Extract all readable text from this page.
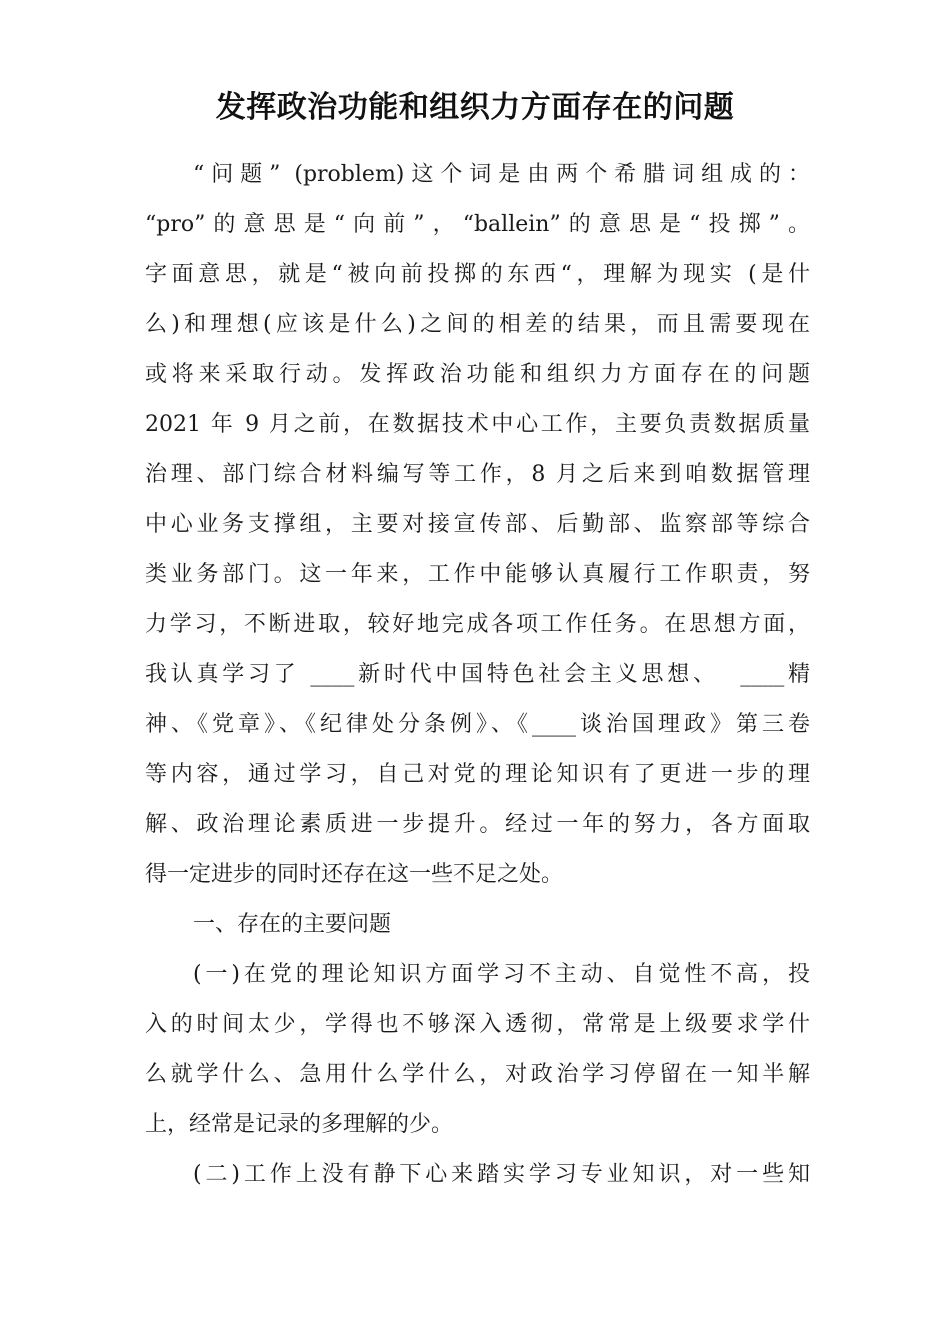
发挥政治功能和组织力方面存在的问题
“问题” (problem)这个词是由两个希腊词组成的：
“pro”的意思是“向前”，“ballein”的意思是“投掷”。
字面意思，就是“被向前投掷的东西“，理解为现实 (是什
么)和理想(应该是什么)之间的相差的结果，而且需要现在
或将来采取行动。发挥政治功能和组织力方面存在的问题
2021 年 9 月之前，在数据技术中心工作，主要负责数据质量
治理、部门综合材料编写等工作，8 月之后来到咱数据管理
中心业务支撑组，主要对接宣传部、后勤部、监察部等综合
类业务部门。这一年来，工作中能够认真履行工作职责，努
力学习，不断进取，较好地完成各项工作任务。在思想方面，
我认真学习了 ____新时代中国特色社会主义思想、  ____精
神、《党章》、《纪律处分条例》、《____谈治国理政》第三卷
等内容，通过学习，自己对党的理论知识有了更进一步的理
解、政治理论素质进一步提升。经过一年的努力，各方面取
得一定进步的同时还存在这一些不足之处。
一、存在的主要问题
(一)在党的理论知识方面学习不主动、自觉性不高，投
入的时间太少，学得也不够深入透彻，常常是上级要求学什
么就学什么、急用什么学什么，对政治学习停留在一知半解
上，经常是记录的多理解的少。
(二)工作上没有静下心来踏实学习专业知识，对一些知
